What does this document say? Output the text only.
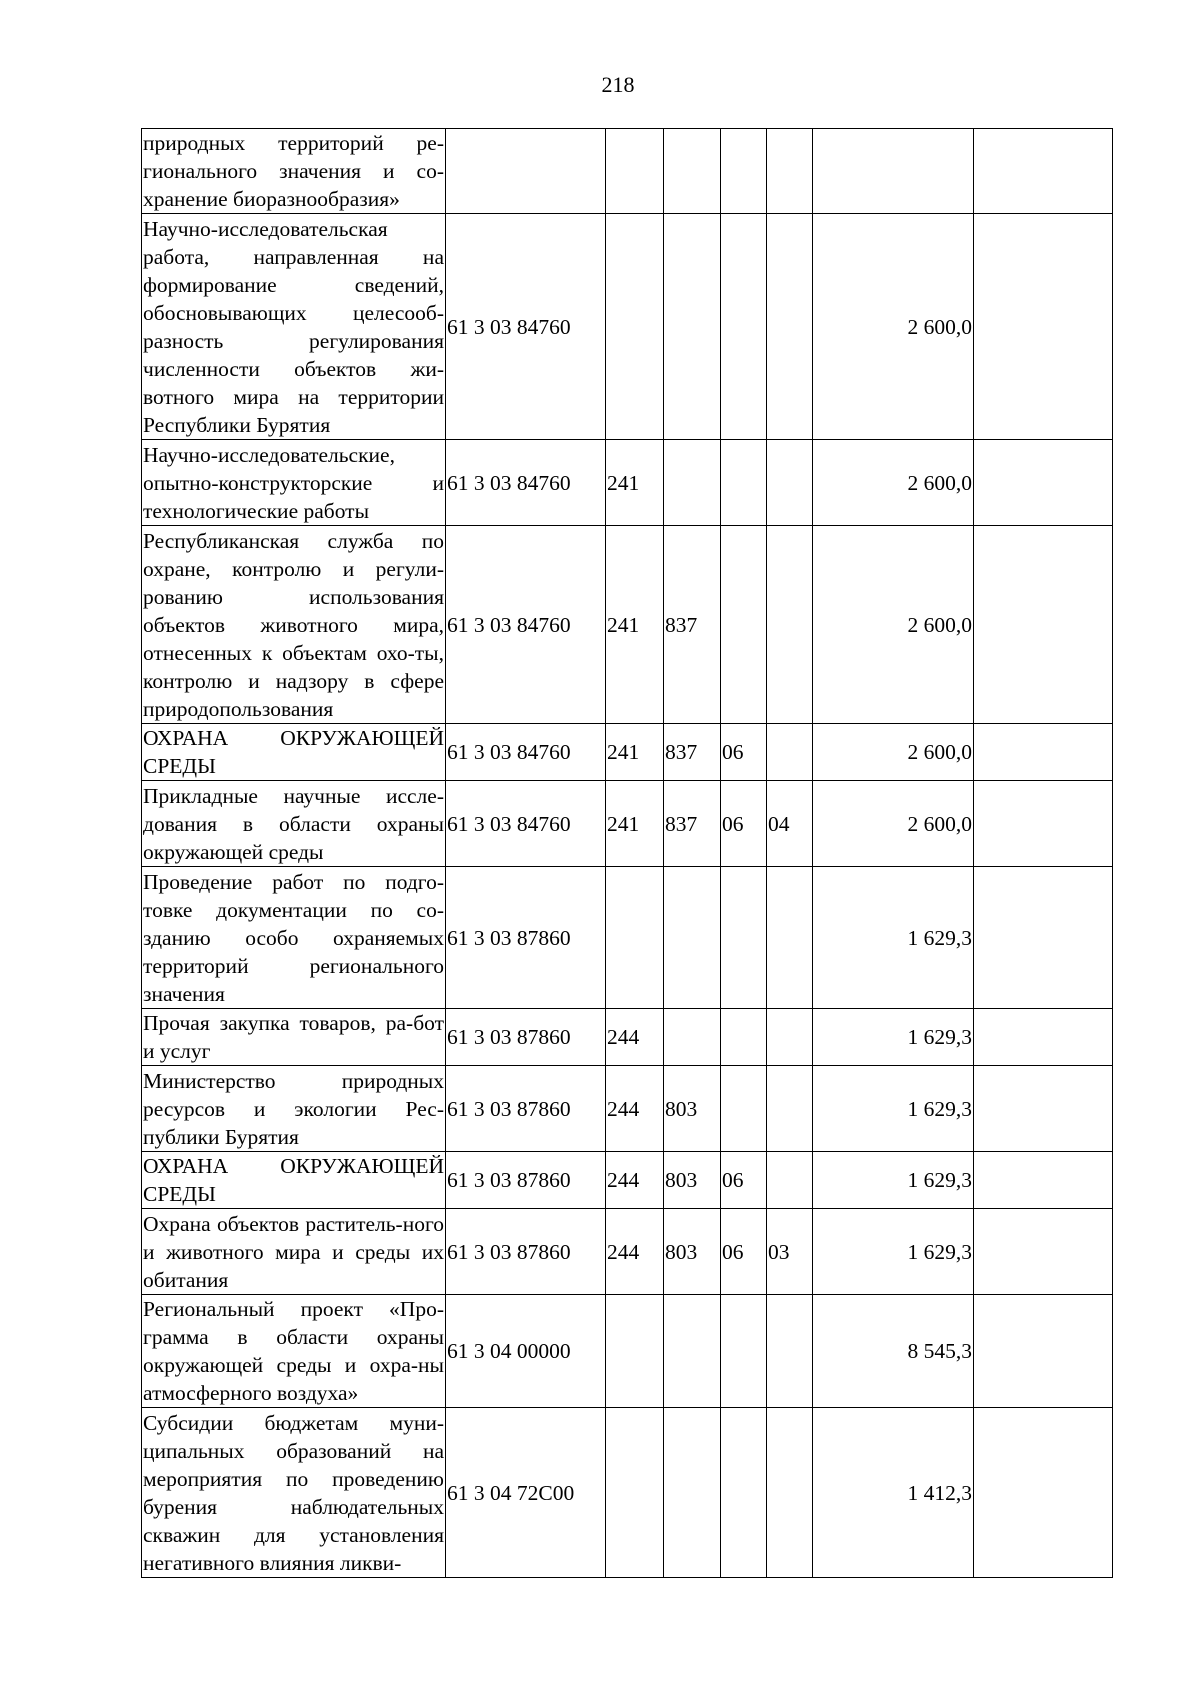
218
природных территорий ре-гионального значения и со-хранение биоразнообразия»							
Научно-исследовательская работа, направленная на формирование сведений, обосновывающих целесооб-разность регулирования численности объектов жи-вотного мира на территории Республики Бурятия	61 3 03 84760					2 600,0	
Научно-исследовательские, опытно-конструкторские и технологические работы	61 3 03 84760	241				2 600,0	
Республиканская служба по охране, контролю и регули-рованию использования объектов животного мира, отнесенных к объектам охо-ты, контролю и надзору в сфере природопользования	61 3 03 84760	241	837			2 600,0	
ОХРАНА ОКРУЖАЮЩЕЙ СРЕДЫ	61 3 03 84760	241	837	06		2 600,0	
Прикладные научные иссле-дования в области охраны окружающей среды	61 3 03 84760	241	837	06	04	2 600,0	
Проведение работ по подго-товке документации по со-зданию особо охраняемых территорий регионального значения	61 3 03 87860					1 629,3	
Прочая закупка товаров, ра-бот и услуг	61 3 03 87860	244				1 629,3	
Министерство природных ресурсов и экологии Рес-публики Бурятия	61 3 03 87860	244	803			1 629,3	
ОХРАНА ОКРУЖАЮЩЕЙ СРЕДЫ	61 3 03 87860	244	803	06		1 629,3	
Охрана объектов раститель-ного и животного мира и среды их обитания	61 3 03 87860	244	803	06	03	1 629,3	
Региональный проект «Про-грамма в области охраны окружающей среды и охра-ны атмосферного воздуха»	61 3 04 00000					8 545,3	
Субсидии бюджетам муни-ципальных образований на мероприятия по проведению бурения наблюдательных скважин для установления негативного влияния ликви-	61 3 04 72С00					1 412,3	
